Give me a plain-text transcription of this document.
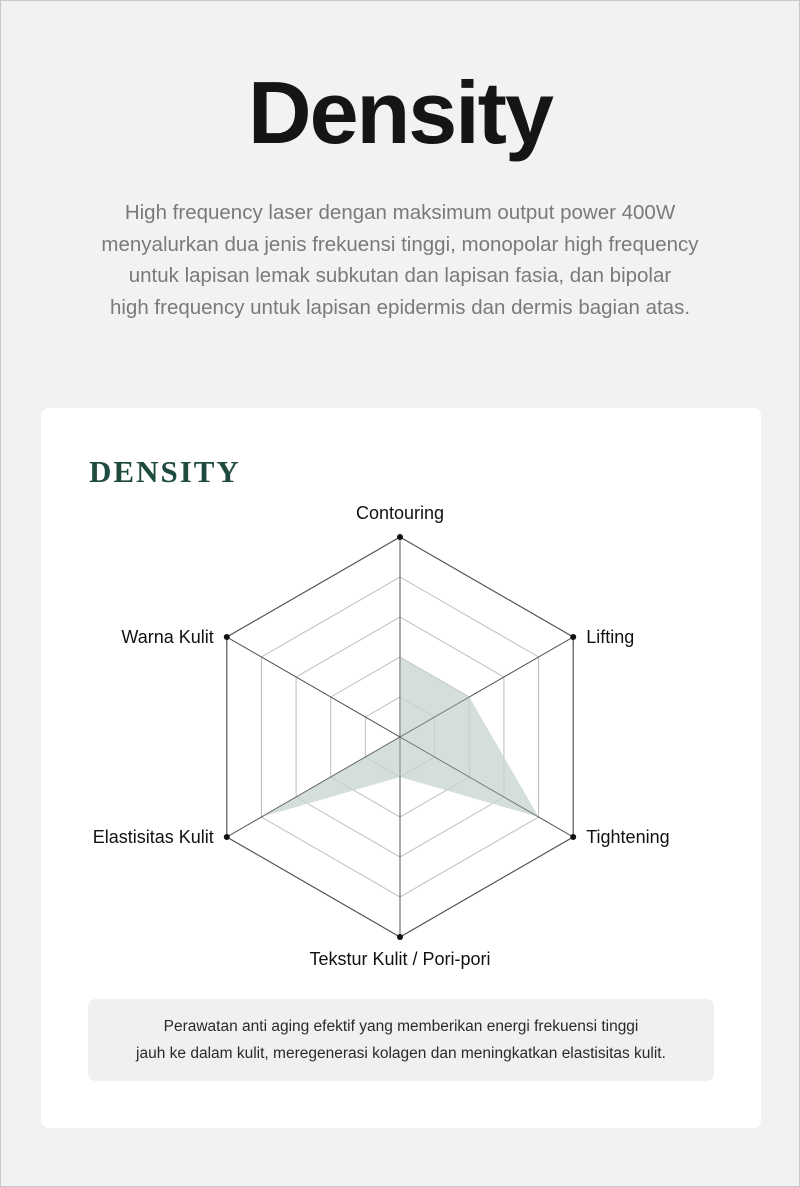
Density
High frequency laser dengan maksimum output power 400W
menyalurkan dua jenis frekuensi tinggi, monopolar high frequency
untuk lapisan lemak subkutan dan lapisan fasia, dan bipolar
high frequency untuk lapisan epidermis dan dermis bagian atas.
DENSITY
Contouring
Lifting
Tightening
Tekstur Kulit / Pori-pori
Elastisitas Kulit
Warna Kulit
Perawatan anti aging efektif yang memberikan energi frekuensi tinggi
jauh ke dalam kulit, meregenerasi kolagen dan meningkatkan elastisitas kulit.
